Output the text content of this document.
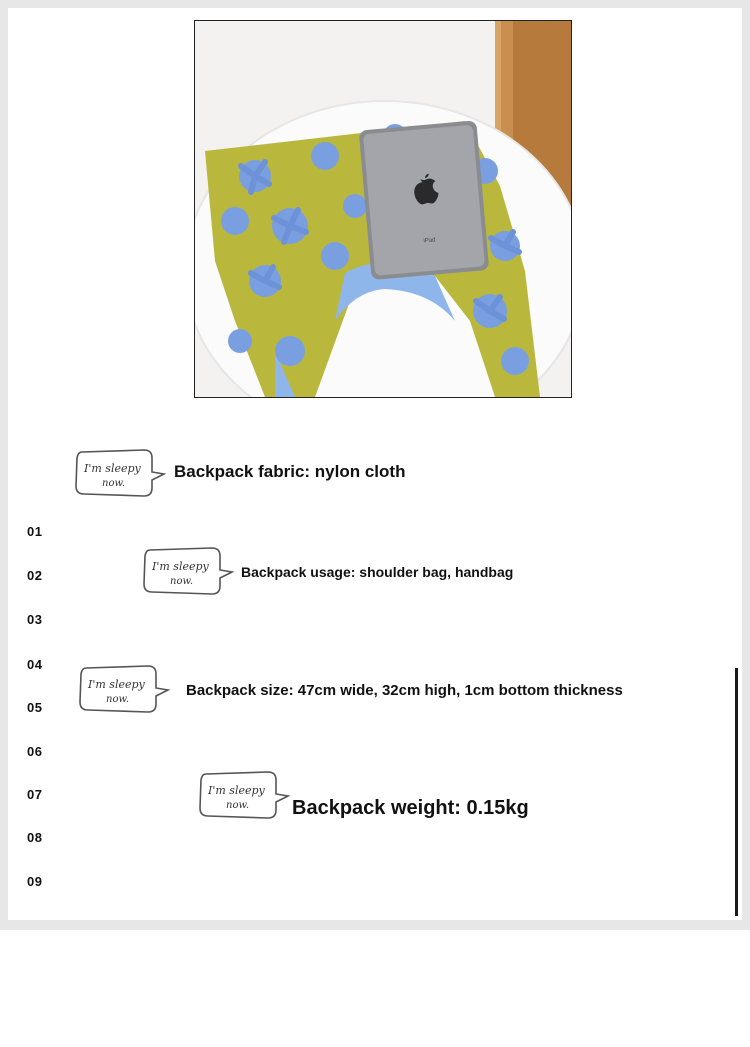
iPad
01
02
03
04
05
06
07
08
09
I'm sleepy
now.
Backpack fabric: nylon cloth
I'm sleepy
now.
Backpack usage: shoulder bag, handbag
I'm sleepy
now.
Backpack size: 47cm wide, 32cm high, 1cm bottom thickness
I'm sleepy
now. Backpack weight: 0.15kg
